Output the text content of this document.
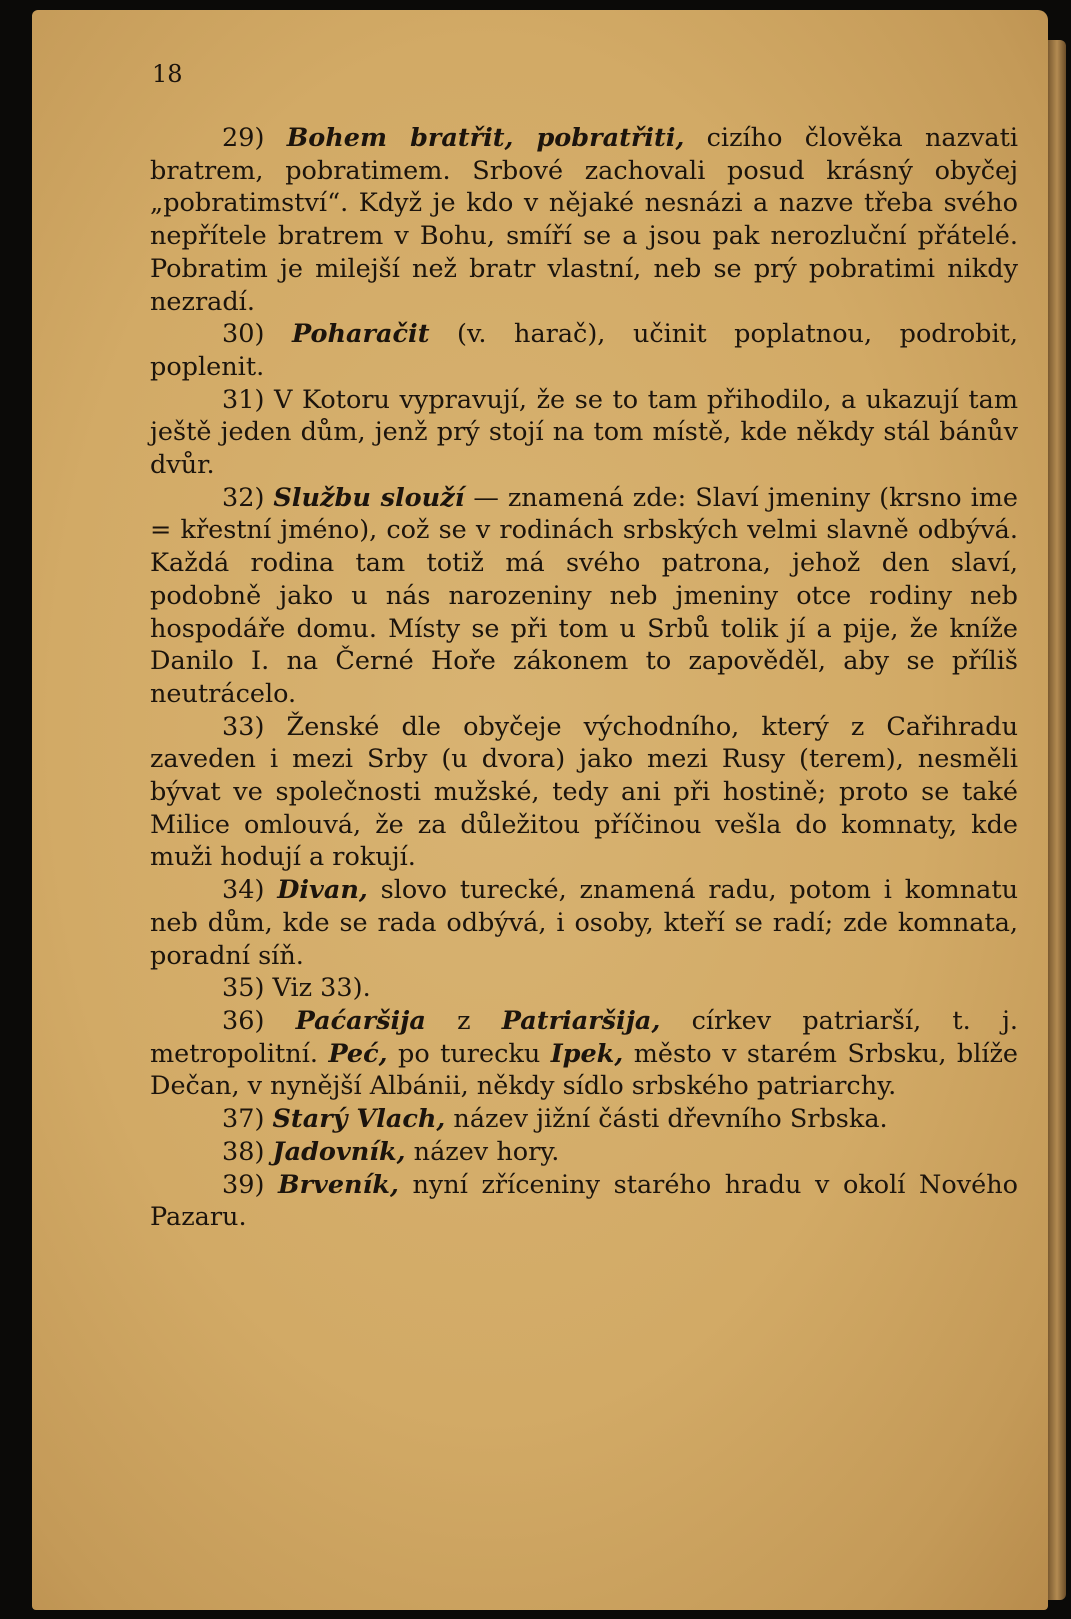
18

29) Bohem bratřit, pobratřiti, cizího člověka nazvati bratrem, pobratimem. Srbové zachovali posud krásný obyčej „pobratimství“. Když je kdo v nějaké nesnázi a nazve třeba svého nepřítele bratrem v Bohu, smíří se a jsou pak nerozluční přátelé. Pobratim je milejší než bratr vlastní, neb se prý pobratimi nikdy nezradí.

30) Poharačit (v. harač), učinit poplatnou, podrobit, poplenit.

31) V Kotoru vypravují, že se to tam přihodilo, a ukazují tam ještě jeden dům, jenž prý stojí na tom místě, kde někdy stál bánův dvůr.

32) Službu slouží — znamená zde: Slaví jmeniny (krsno ime = křestní jméno), což se v rodinách srbských velmi slavně odbývá. Každá rodina tam totiž má svého patrona, jehož den slaví, podobně jako u nás narozeniny neb jmeniny otce rodiny neb hospodáře domu. Místy se při tom u Srbů tolik jí a pije, že kníže Danilo I. na Černé Hoře zákonem to zapověděl, aby se příliš neutrácelo.

33) Ženské dle obyčeje východního, který z Cařihradu zaveden i mezi Srby (u dvora) jako mezi Rusy (terem), nesměli bývat ve společnosti mužské, tedy ani při hostině; proto se také Milice omlouvá, že za důležitou příčinou vešla do komnaty, kde muži hodují a rokují.

34) Divan, slovo turecké, znamená radu, potom i komnatu neb dům, kde se rada odbývá, i osoby, kteří se radí; zde komnata, poradní síň.

35) Viz 33).

36) Paćaršija z Patriaršija, církev patriarší, t. j. metropolitní. Peć, po turecku Ipek, město v starém Srbsku, blíže Dečan, v nynější Albánii, někdy sídlo srbského patriarchy.

37) Starý Vlach, název jižní části dřevního Srbska.

38) Jadovník, název hory.

39) Brveník, nyní zříceniny starého hradu v okolí Nového Pazaru.
